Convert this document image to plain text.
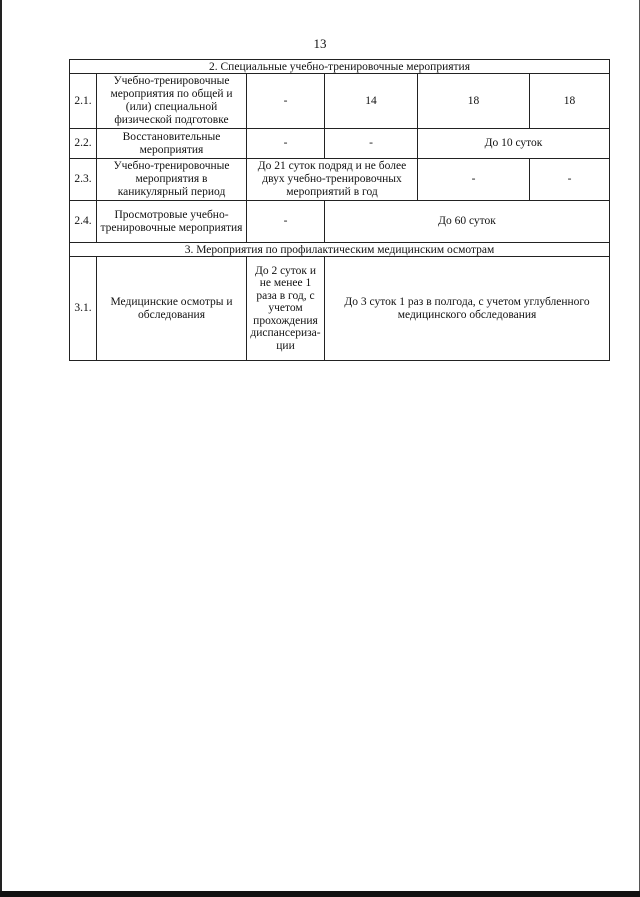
13
2. Специальные учебно-тренировочные мероприятия					
2.1.	Учебно-тренировочные мероприятия по общей и (или) специальной физической подготовке	-	14	18	18
2.2.	Восстановительные мероприятия	-	-	До 10 суток	
2.3.	Учебно-тренировочные мероприятия в каникулярный период	До 21 суток подряд и не более двух учебно-тренировочных мероприятий в год		-	-
2.4.	Просмотровые учебно-тренировочные мероприятия	-	До 60 суток		
3. Мероприятия по профилактическим медицинским осмотрам					
3.1.	Медицинские осмотры и обследования	До 2 суток и не менее 1 раза в год, с учетом прохождения диспансериза-ции	До 3 суток 1 раз в полгода, с учетом углубленного медицинского обследования		
